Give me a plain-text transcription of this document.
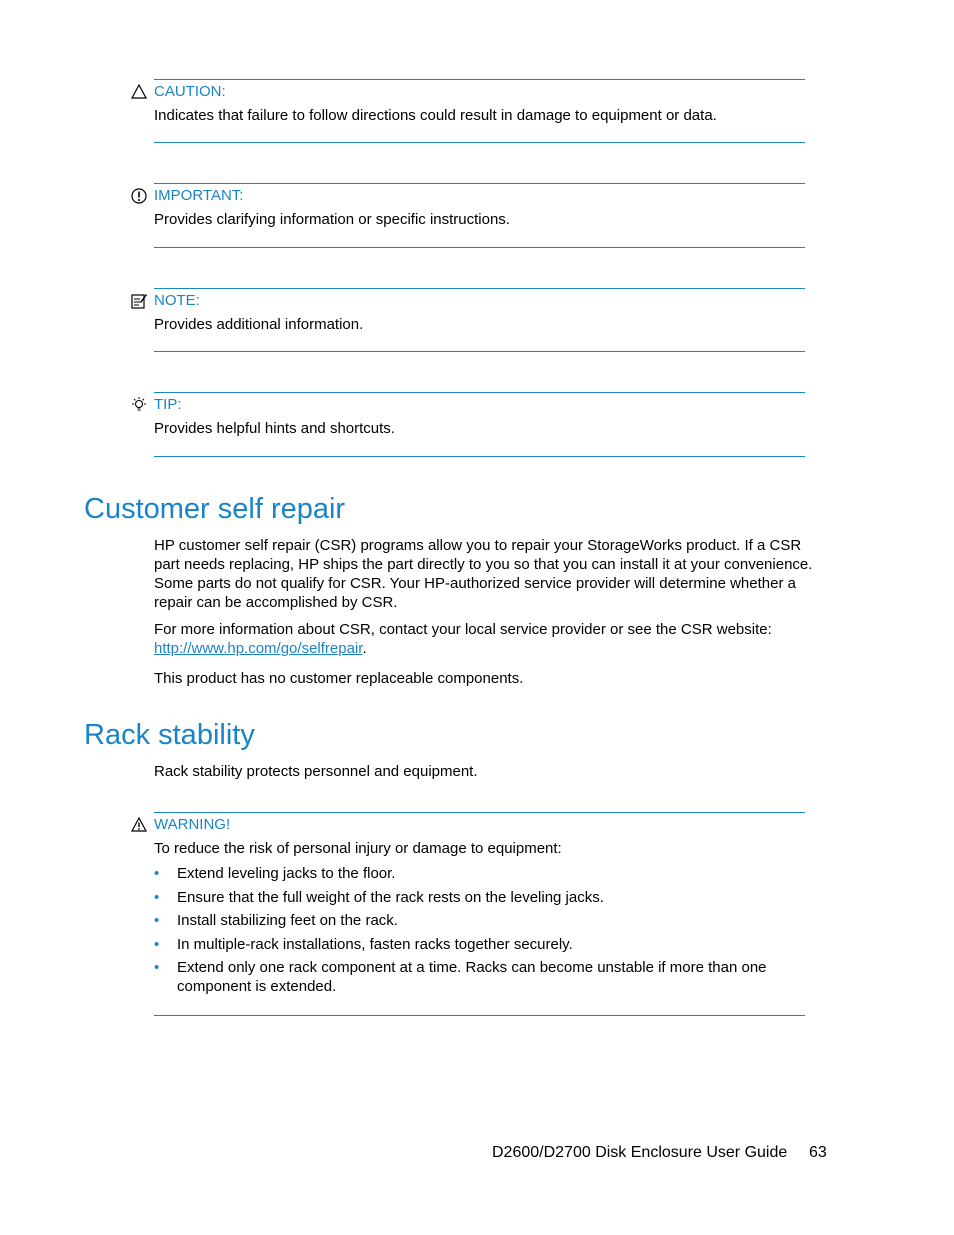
CAUTION:
Indicates that failure to follow directions could result in damage to equipment or data.
IMPORTANT:
Provides clarifying information or specific instructions.
NOTE:
Provides additional information.
TIP:
Provides helpful hints and shortcuts.
Customer self repair

HP customer self repair (CSR) programs allow you to repair your StorageWorks product. If a CSR part needs replacing, HP ships the part directly to you so that you can install it at your convenience. Some parts do not qualify for CSR. Your HP-authorized service provider will determine whether a repair can be accomplished by CSR.

For more information about CSR, contact your local service provider or see the CSR website:
http://www.hp.com/go/selfrepair.

This product has no customer replaceable components.

Rack stability

Rack stability protects personnel and equipment.

WARNING!
To reduce the risk of personal injury or damage to equipment:
• Extend leveling jacks to the floor.
• Ensure that the full weight of the rack rests on the leveling jacks.
• Install stabilizing feet on the rack.
• In multiple-rack installations, fasten racks together securely.
• Extend only one rack component at a time. Racks can become unstable if more than one component is extended.
D2600/D2700 Disk Enclosure User Guide 63
